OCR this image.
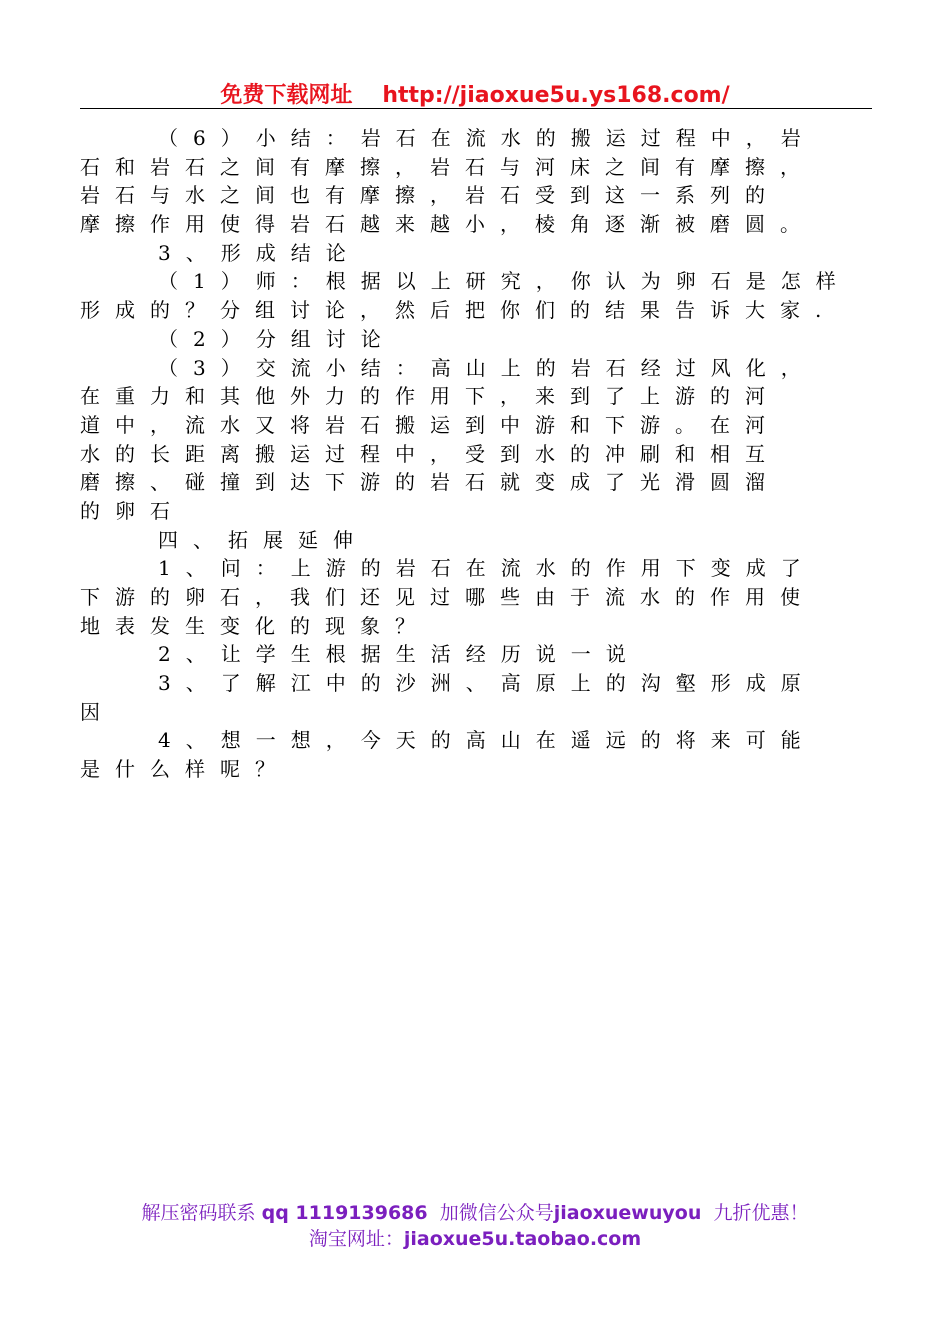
免费下载网址 http://jiaoxue5u.ys168.com/
（6）小结：岩石在流水的搬运过程中，岩
石和岩石之间有摩擦，岩石与河床之间有摩擦，
岩石与水之间也有摩擦，岩石受到这一系列的
摩擦作用使得岩石越来越小，棱角逐渐被磨圆。
3、形成结论
（1）师：根据以上研究，你认为卵石是怎样
形成的？分组讨论，然后把你们的结果告诉大家.
（2）分组讨论
（3）交流小结：高山上的岩石经过风化，
在重力和其他外力的作用下，来到了上游的河
道中，流水又将岩石搬运到中游和下游。在河
水的长距离搬运过程中，受到水的冲刷和相互
磨擦、碰撞到达下游的岩石就变成了光滑圆溜
的卵石
四、拓展延伸
1、问：上游的岩石在流水的作用下变成了
下游的卵石，我们还见过哪些由于流水的作用使
地表发生变化的现象？
2、让学生根据生活经历说一说
3、了解江中的沙洲、高原上的沟壑形成原
因
4、想一想，今天的高山在遥远的将来可能
是什么样呢？
解压密码联系 qq 1119139686 加微信公众号jiaoxuewuyou 九折优惠！
淘宝网址：jiaoxue5u.taobao.com
